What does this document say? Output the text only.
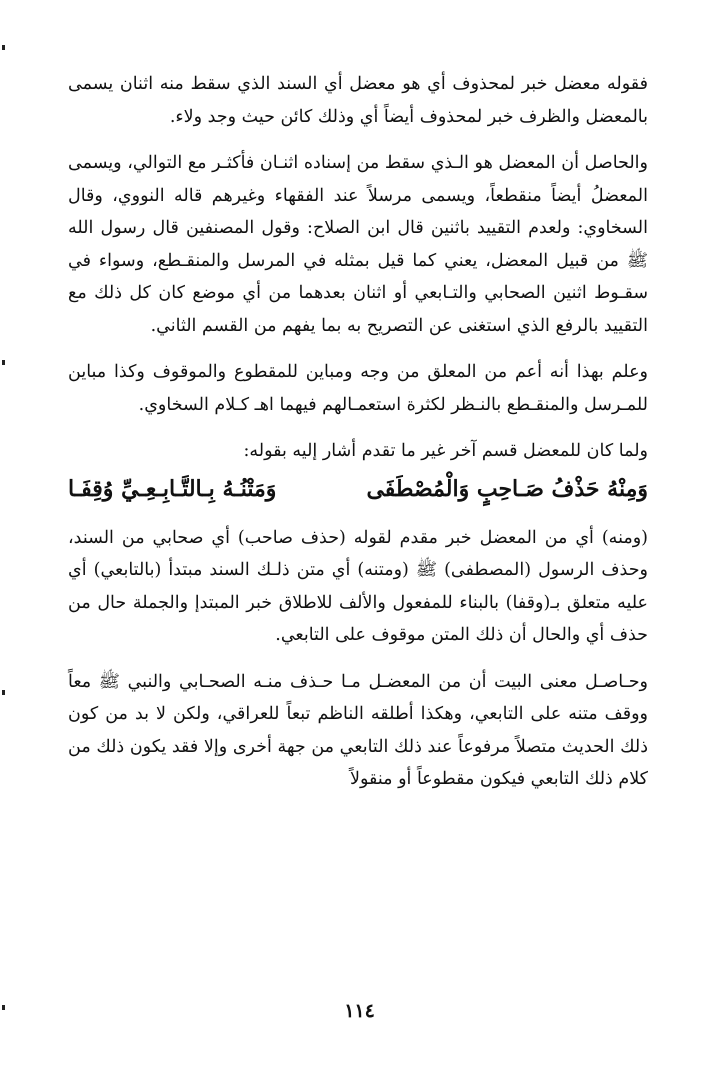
فقوله معضل خبر لمحذوف أي هو معضل أي السند الذي سقط منه اثنان يسمى بالمعضل والظرف خبر لمحذوف أيضاً أي وذلك كائن حيث وجد ولاء.

والحاصل أن المعضل هو الـذي سقط من إسناده اثنـان فأكثـر مع التوالي، ويسمى المعضلُ أيضاً منقطعاً، ويسمى مرسلاً عند الفقهاء وغيرهم قاله النووي، وقال السخاوي: ولعدم التقييد باثنين قال ابن الصلاح: وقول المصنفين قال رسول الله ﷺ من قبيل المعضل، يعني كما قيل بمثله في المرسل والمنقـطع، وسواء في سقـوط اثنين الصحابي والتـابعي أو اثنان بعدهما من أي موضع كان كل ذلك مع التقييد بالرفع الذي استغنى عن التصريح به بما يفهم من القسم الثاني.

وعلم بهذا أنه أعم من المعلق من وجه ومباين للمقطوع والموقوف وكذا مباين للمـرسل والمنقـطع بالنـظر لكثرة استعمـالهم فيهما اهـ كـلام السخاوي.

ولما كان للمعضل قسم آخر غير ما تقدم أشار إليه بقوله:

وَمِنْهُ حَذْفُ صَـاحِبٍ وَالْمُصْطَفَى
وَمَتْنُـهُ بِـالتَّـابِـعِـيِّ وُقِفَـا

(ومنه) أي من المعضل خبر مقدم لقوله (حذف صاحب) أي صحابي من السند، وحذف الرسول (المصطفى) ﷺ (ومتنه) أي متن ذلـك السند مبتدأ (بالتابعي) أي عليه متعلق بـ(وقفا) بالبناء للمفعول والألف للاطلاق خبر المبتدإ والجملة حال من حذف أي والحال أن ذلك المتن موقوف على التابعي.

وحـاصـل معنى البيت أن من المعضـل مـا حـذف منـه الصحـابي والنبي ﷺ معاً ووقف متنه على التابعي، وهكذا أطلقه الناظم تبعاً للعراقي، ولكن لا بد من كون ذلك الحديث متصلاً مرفوعاً عند ذلك التابعي من جهة أخرى وإلا فقد يكون ذلك من كلام ذلك التابعي فيكون مقطوعاً أو منقولاً

١١٤
